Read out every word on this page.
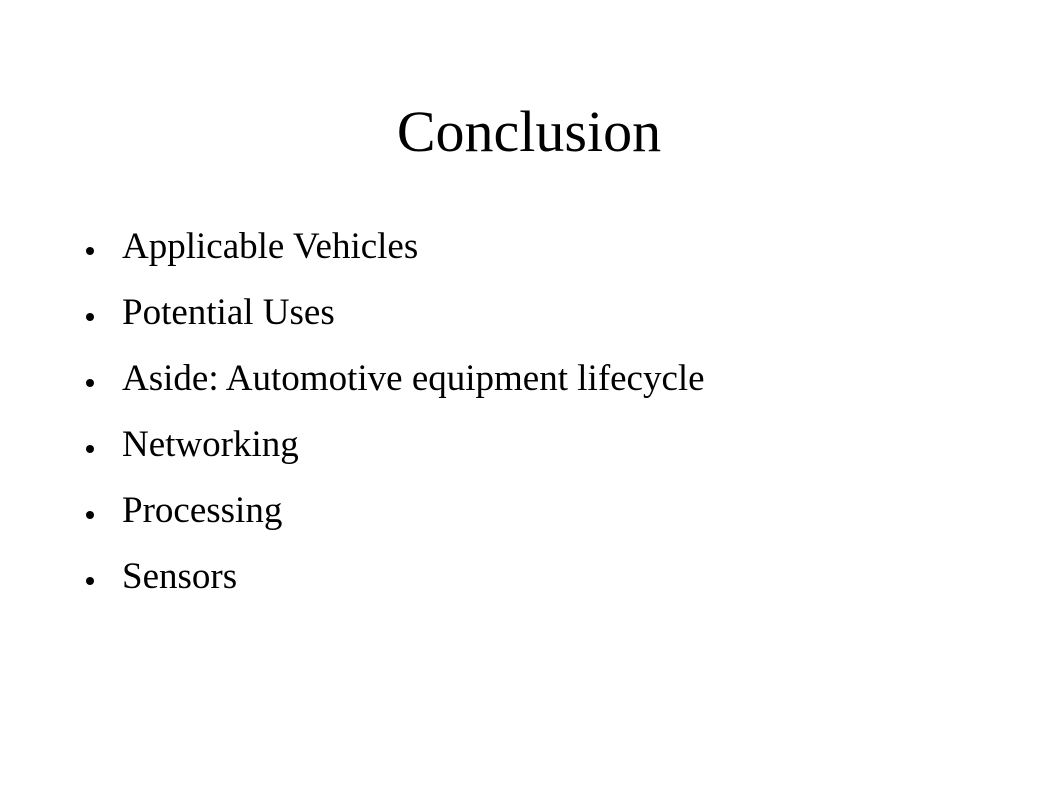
Conclusion
Applicable Vehicles
Potential Uses
Aside: Automotive equipment lifecycle
Networking
Processing
Sensors
